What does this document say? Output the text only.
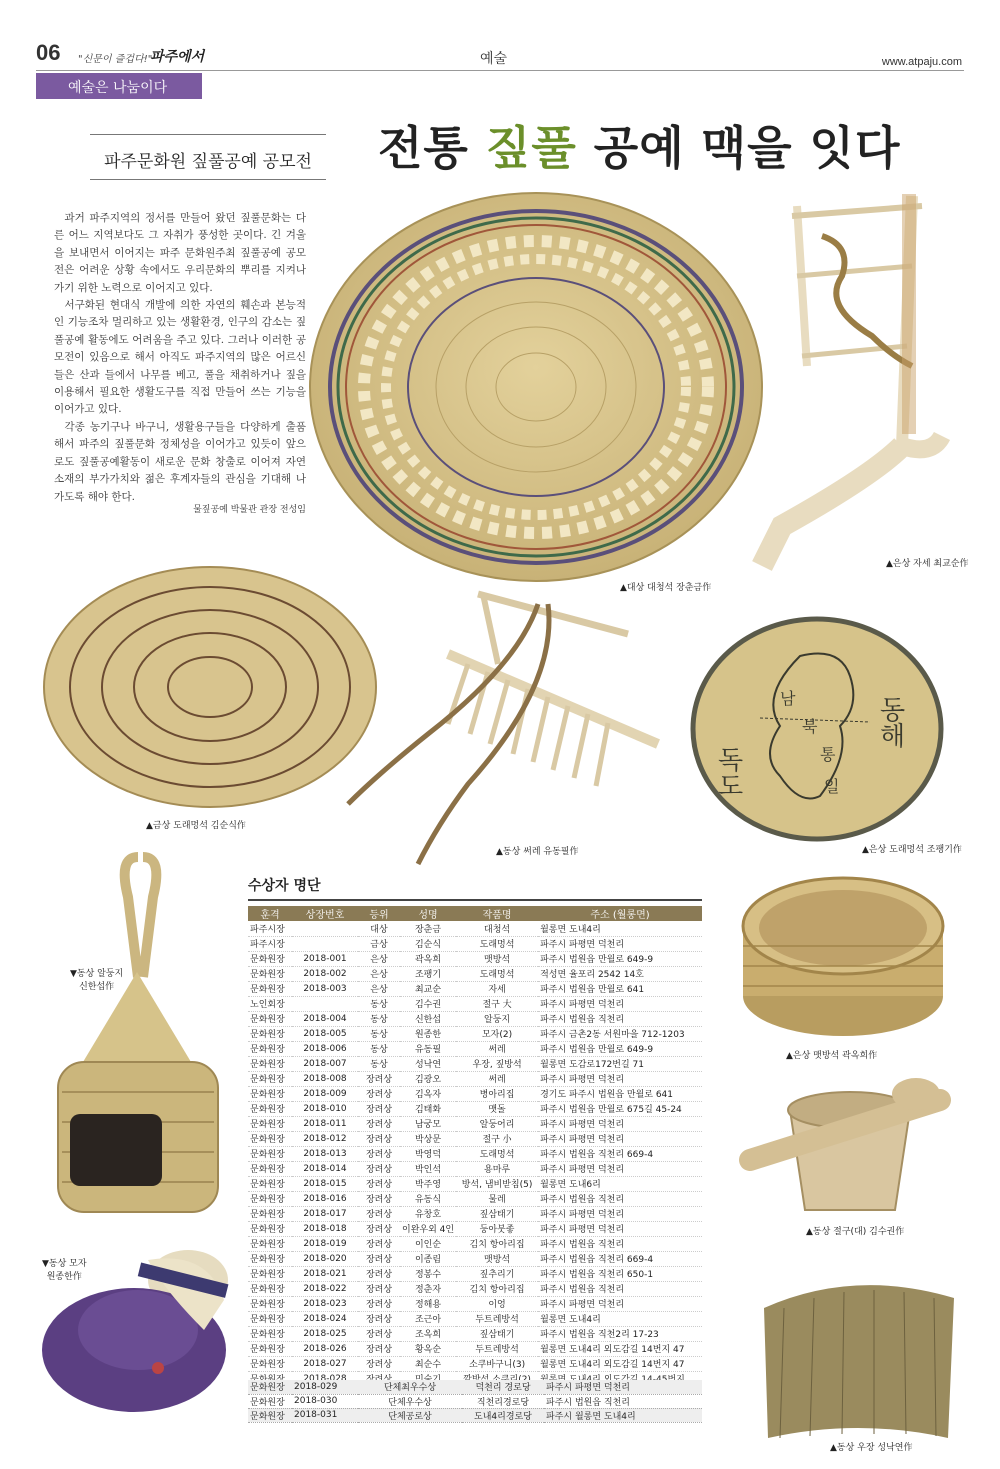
06 "신문이 즐겁다!"
파주에서	예술	www.atpaju.com
예술은 나눔이다
파주문화원 짚풀공예 공모전	전통 짚풀 공예 맥을 잇다

과거 파주지역의 정서를 만들어 왔던 짚풀문화는 다른 어느 지역보다도 그 자취가 풍성한 곳이다. 긴 겨울을 보내면서 이어지는 파주 문화원주최 짚풀공예 공모전은 어려운 상황 속에서도 우리문화의 뿌리를 지켜나가기 위한 노력으로 이어지고 있다.

서구화된 현대식 개발에 의한 자연의 훼손과 본능적인 기능조차 멀리하고 있는 생활환경, 인구의 감소는 짚풀공예 활동에도 어려움을 주고 있다. 그러나 이러한 공모전이 있음으로 해서 아직도 파주지역의 많은 어르신들은 산과 들에서 나무를 베고, 풀을 채취하거나 짚을 이용해서 필요한 생활도구를 직접 만들어 쓰는 기능을 이어가고 있다.

각종 농기구나 바구니, 생활용구들을 다양하게 출품해서 파주의 짚풀문화 정체성을 이어가고 있듯이 앞으로도 짚풀공예활동이 새로운 문화 창출로 이어져 자연소재의 부가가치와 젊은 후계자들의 관심을 기대해 나가도록 해야 한다.

물짚공예 박물관 관장 전성임
▲대상 대청석 장춘금作
▲은상 자세 최교순作
▲금상 도래멍석 김순식作
▲동상 써레 유동필作
남
북
통
일
동해
독도
▲은상 도래멍석 조팽기作
▼동상 알둥지
신한섭作
▲은상 맷방석 곽옥희作
▲동상 절구(대) 김수권作
▼동상 모자
원종한作
▲동상 우장 성낙연作
수상자 명단
훈격	상장번호	등위	성명	작품명	주소 (월롱면)
파주시장		대상	장춘금	대청석	월롱면 도내4리
파주시장		금상	김순식	도래멍석	파주시 파평면 덕천리
문화원장	2018-001	은상	곽옥희	맷방석	파주시 법원읍 만월로 649-9
문화원장	2018-002	은상	조팽기	도래멍석	적성면 율포리 2542 14호
문화원장	2018-003	은상	최교순	자세	파주시 법원읍 만월로 641
노인회장		동상	김수권	절구 大	파주시 파평면 덕천리
문화원장	2018-004	동상	신한섭	알둥지	파주시 법원읍 직천리
문화원장	2018-005	동상	원종한	모자(2)	파주시 금촌2동 서원마을 712-1203
문화원장	2018-006	동상	유동필	써레	파주시 법원읍 만월로 649-9
문화원장	2018-007	동상	성낙연	우장, 짚방석	월롱면 도감로172번길 71
문화원장	2018-008	장려상	김광오	써레	파주시 파평면 덕천리
문화원장	2018-009	장려상	김옥자	병아리집	경기도 파주시 법원읍 만월로 641
문화원장	2018-010	장려상	김태화	맷돌	파주시 법원읍 만월로 675길 45-24
문화원장	2018-011	장려상	남궁모	알둥어리	파주시 파평면 덕천리
문화원장	2018-012	장려상	박상문	절구 小	파주시 파평면 덕천리
문화원장	2018-013	장려상	박영덕	도래멍석	파주시 법원읍 직천리 669-4
문화원장	2018-014	장려상	박인석	용마루	파주시 파평면 덕천리
문화원장	2018-015	장려상	박주영	방석, 냄비받침(5)	월롱면 도내6리
문화원장	2018-016	장려상	유동식	물레	파주시 법원읍 직천리
문화원장	2018-017	장려상	유창호	짚삼태기	파주시 파평면 덕천리
문화원장	2018-018	장려상	이완우외 4인	둥아붓좋	파주시 파평면 덕천리
문화원장	2018-019	장려상	이인순	김치 항아리집	파주시 법원읍 직천리
문화원장	2018-020	장려상	이종림	맷방석	파주시 법원읍 직천리 669-4
문화원장	2018-021	장려상	정봉수	짚추리기	파주시 법원읍 직천리 650-1
문화원장	2018-022	장려상	정춘자	김치 항아리집	파주시 법원읍 직천리
문화원장	2018-023	장려상	정해용	이엉	파주시 파평면 덕천리
문화원장	2018-024	장려상	조근아	두트레방석	월롱면 도내4리
문화원장	2018-025	장려상	조옥희	짚삼태기	파주시 법원읍 직천2리 17-23
문화원장	2018-026	장려상	황옥순	두트레방석	월롱면 도내4리 외도감길 14번지 47
문화원장	2018-027	장려상	최순수	소쿠바구니(3)	월롱면 도내4리 외도감길 14번지 47
문화원장	2018-028	장려상	민술기	깔방석,소쿠리(2)	월롱면 도내4리 외도감길 14-45번지
문화원장	2018-029	단체최우수상	덕천리 경로당	파주시 파평면 덕천리
문화원장	2018-030	단체우수상	직천리경로당	파주시 법원읍 직천리
문화원장	2018-031	단체공로상	도내4리경로당	파주시 월롱면 도내4리
